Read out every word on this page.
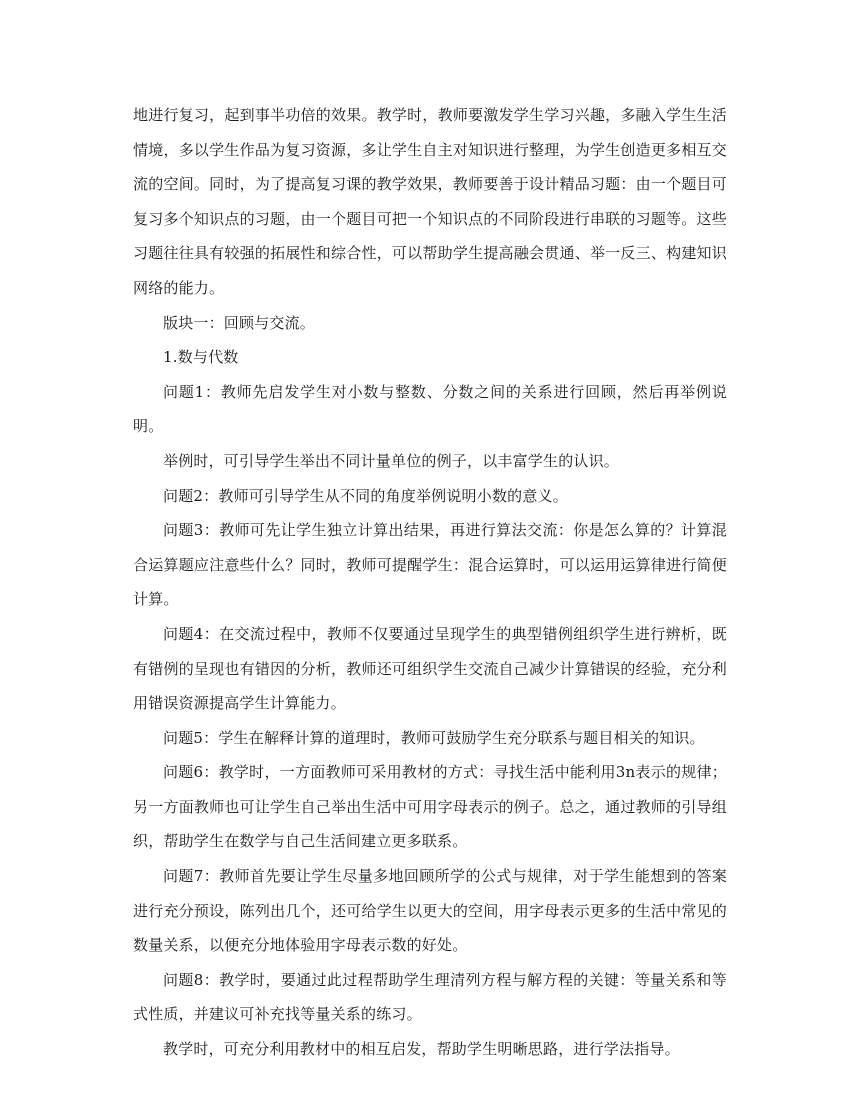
地进行复习，起到事半功倍的效果。教学时，教师要激发学生学习兴趣，多融入学生生活情境，多以学生作品为复习资源，多让学生自主对知识进行整理，为学生创造更多相互交流的空间。同时，为了提高复习课的教学效果，教师要善于设计精品习题：由一个题目可复习多个知识点的习题，由一个题目可把一个知识点的不同阶段进行串联的习题等。这些习题往往具有较强的拓展性和综合性，可以帮助学生提高融会贯通、举一反三、构建知识网络的能力。

版块一：回顾与交流。

1.数与代数

问题1：教师先启发学生对小数与整数、分数之间的关系进行回顾，然后再举例说明。

举例时，可引导学生举出不同计量单位的例子，以丰富学生的认识。

问题2：教师可引导学生从不同的角度举例说明小数的意义。

问题3：教师可先让学生独立计算出结果，再进行算法交流：你是怎么算的？计算混合运算题应注意些什么？同时，教师可提醒学生：混合运算时，可以运用运算律进行简便计算。

问题4：在交流过程中，教师不仅要通过呈现学生的典型错例组织学生进行辨析，既有错例的呈现也有错因的分析，教师还可组织学生交流自己减少计算错误的经验，充分利用错误资源提高学生计算能力。

问题5：学生在解释计算的道理时，教师可鼓励学生充分联系与题目相关的知识。

问题6：教学时，一方面教师可采用教材的方式：寻找生活中能利用3n表示的规律；另一方面教师也可让学生自己举出生活中可用字母表示的例子。总之，通过教师的引导组织，帮助学生在数学与自己生活间建立更多联系。

问题7：教师首先要让学生尽量多地回顾所学的公式与规律，对于学生能想到的答案进行充分预设，陈列出几个，还可给学生以更大的空间，用字母表示更多的生活中常见的数量关系，以便充分地体验用字母表示数的好处。

问题8：教学时，要通过此过程帮助学生理清列方程与解方程的关键：等量关系和等式性质，并建议可补充找等量关系的练习。

教学时，可充分利用教材中的相互启发，帮助学生明晰思路，进行学法指导。
